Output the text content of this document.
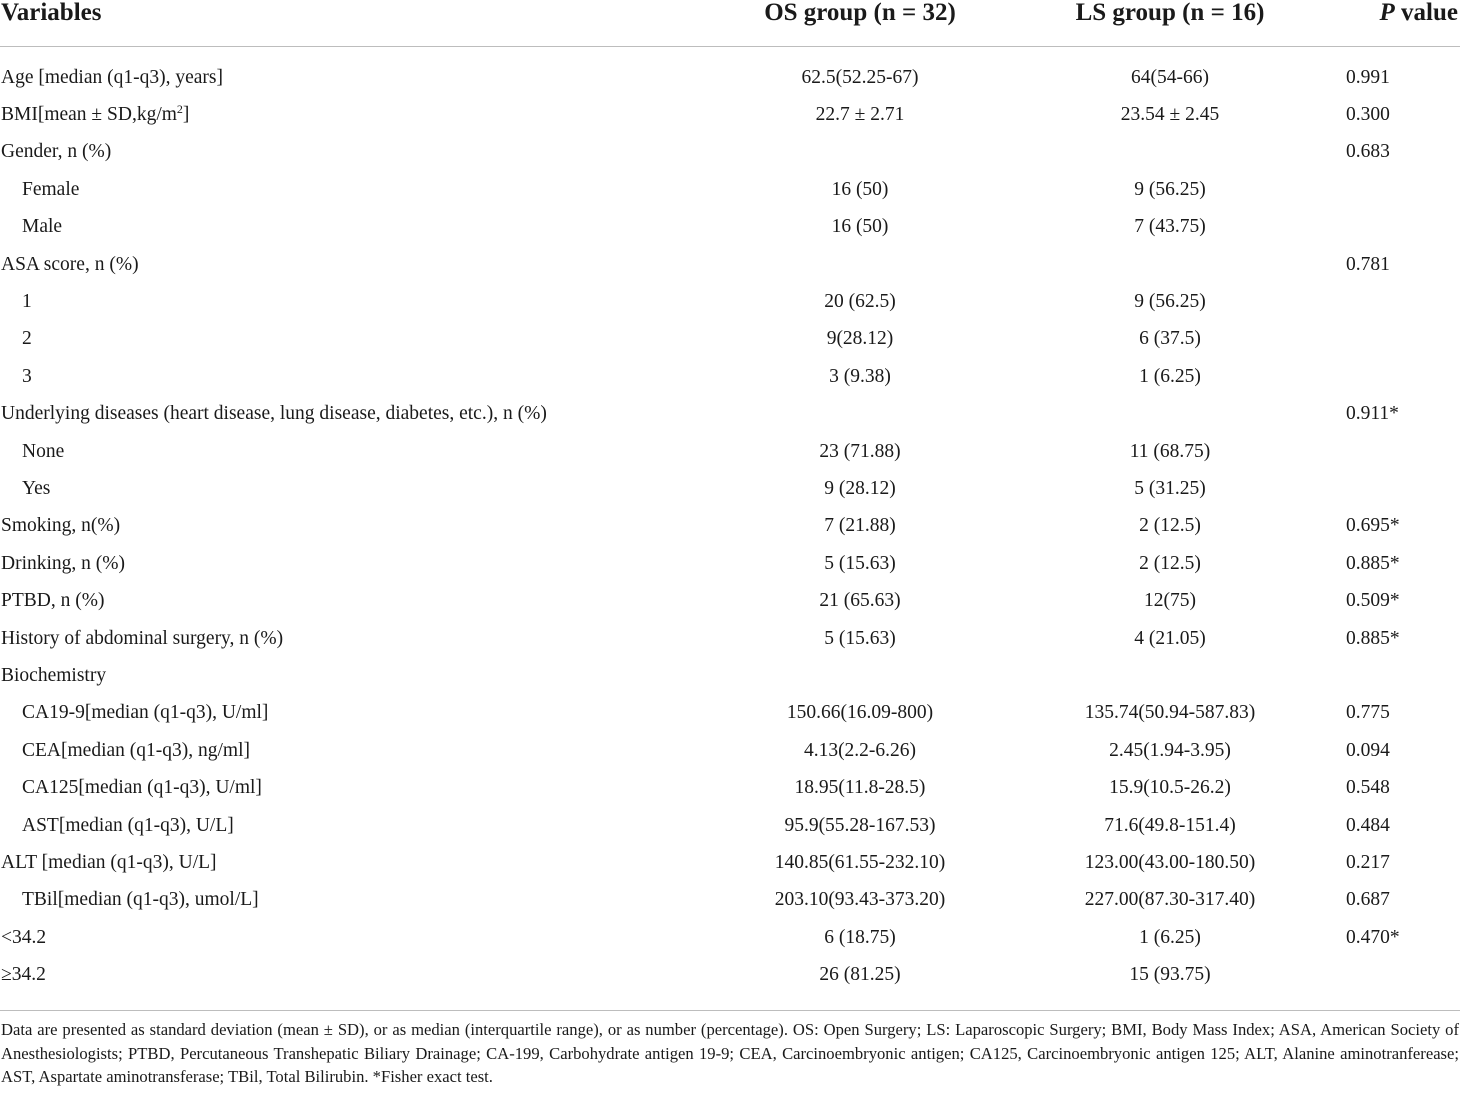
Variables	OS group (n = 32)	LS group (n = 16)	P value
Age [median (q1-q3), years]	62.5(52.25-67)	64(54-66)	0.991
BMI[mean ± $SD,kg/m^2$]	22.7 ± 2.71	23.54 ± 2.45	0.300
Gender, n (%)			0.683
Female	16 (50)	9 (56.25)	
Male	16 (50)	7 (43.75)	
ASA score, n (%)			0.781
1	20 (62.5)	9 (56.25)	
2	9(28.12)	6 (37.5)	
3	3 (9.38)	1 (6.25)	
Underlying diseases (heart disease, lung disease, diabetes, etc.), n (%)			0.911*
None	23 (71.88)	11 (68.75)	
Yes	9 (28.12)	5 (31.25)	
Smoking, n(%)	7 (21.88)	2 (12.5)	0.695*
Drinking, n (%)	5 (15.63)	2 (12.5)	0.885*
PTBD, n (%)	21 (65.63)	12(75)	0.509*
History of abdominal surgery, n (%)	5 (15.63)	4 (21.05)	0.885*
Biochemistry			
CA19-9[median (q1-q3), U/ml]	150.66(16.09-800)	135.74(50.94-587.83)	0.775
CEA[median (q1-q3), ng/ml]	4.13(2.2-6.26)	2.45(1.94-3.95)	0.094
CA125[median (q1-q3), U/ml]	18.95(11.8-28.5)	15.9(10.5-26.2)	0.548
AST[median (q1-q3), U/L]	95.9(55.28-167.53)	71.6(49.8-151.4)	0.484
ALT [median (q1-q3), U/L]	140.85(61.55-232.10)	123.00(43.00-180.50)	0.217
TBil[median (q1-q3), umol/L]	203.10(93.43-373.20)	227.00(87.30-317.40)	0.687
<34.2	6 (18.75)	1 (6.25)	0.470*
≥34.2	26 (81.25)	15 (93.75)	
Data are presented as standard deviation (mean ± SD), or as median (interquartile range), or as number (percentage). OS: Open Surgery; LS: Laparoscopic Surgery; BMI, Body Mass Index; ASA, American Society of Anesthesiologists; PTBD, Percutaneous Transhepatic Biliary Drainage; CA-199, Carbohydrate antigen 19-9; CEA, Carcinoembryonic antigen; CA125, Carcinoembryonic antigen 125; ALT, Alanine aminotranferease; AST, Aspartate aminotransferase; TBil, Total Bilirubin. *Fisher exact test.
